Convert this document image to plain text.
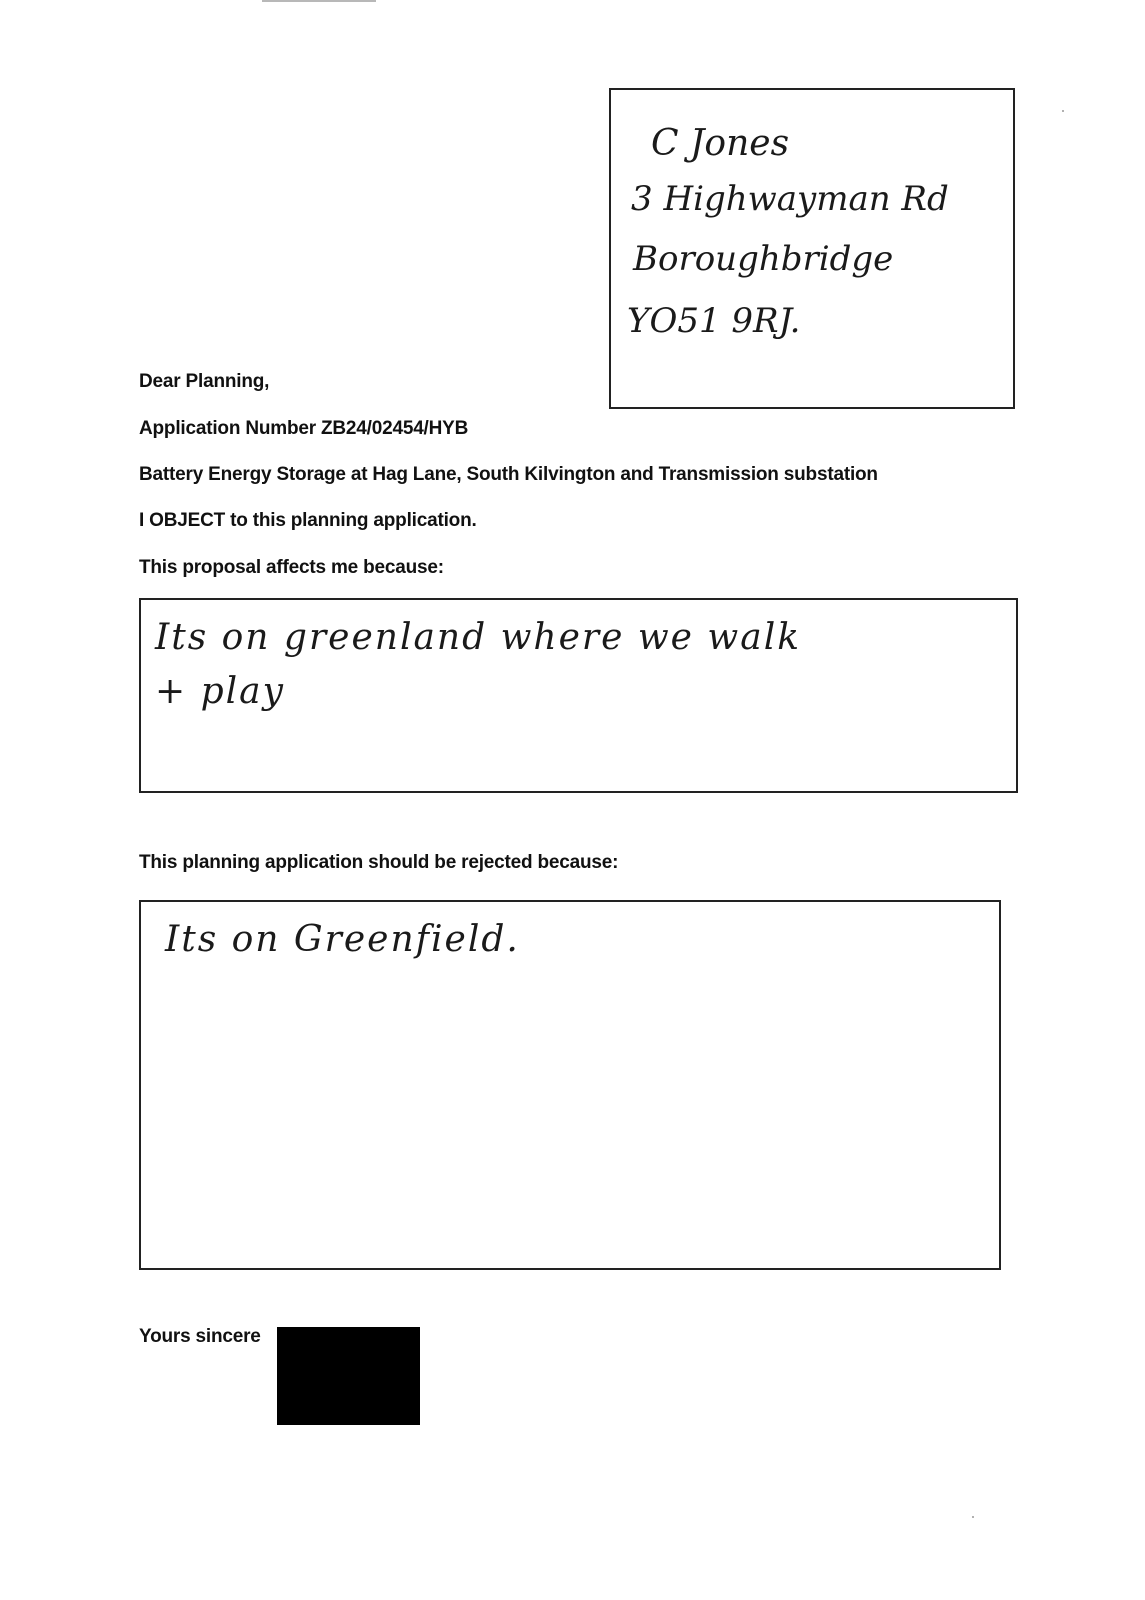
C Jones
3 Highwayman Rd
Boroughbridge
YO51 9RJ.
Dear Planning,
Application Number ZB24/02454/HYB
Battery Energy Storage at Hag Lane, South Kilvington and Transmission substation
I OBJECT to this planning application.
This proposal affects me because:
Its on greenland where we walk
+ play
This planning application should be rejected because:
Its on Greenfield.
Yours sincere
